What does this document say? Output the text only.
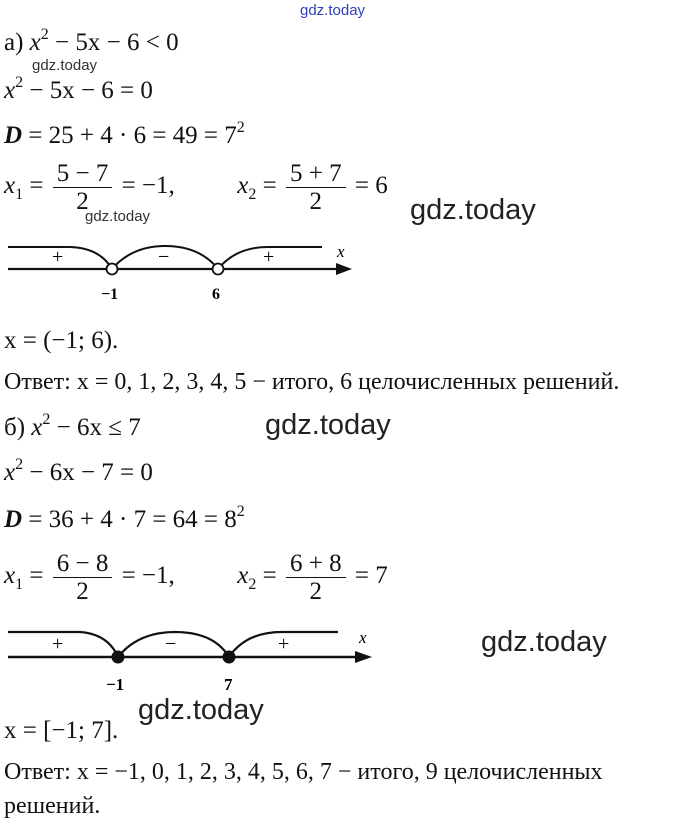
gdz.today
gdz.today
gdz.today	gdz.today
gdz.today
gdz.today
gdz.today
а) $x^2 - 5x - 6 < 0$
$x^2 - 5x - 6 = 0$
$D = 25 + 4 \cdot 6 = 49 = 7^2$
$x_1 = \frac{5 - 7}{2} = -1$,	$x_2 = \frac{5 + 7}{2} = 6$
x
+	−	+
−1	6
x = (−1; 6).
Ответ: x = 0, 1, 2, 3, 4, 5 − итого, 6 целочисленных решений.
б) $x^2 - 6x \le 7$
$x^2 - 6x - 7 = 0$
$D = 36 + 4 \cdot 7 = 64 = 8^2$
$x_1 = \frac{6 - 8}{2} = -1$,	$x_2 = \frac{6 + 8}{2} = 7$
x
+	−	+
−1	7
x = [−1; 7].
Ответ: x = −1, 0, 1, 2, 3, 4, 5, 6, 7 − итого, 9 целочисленных
решений.
